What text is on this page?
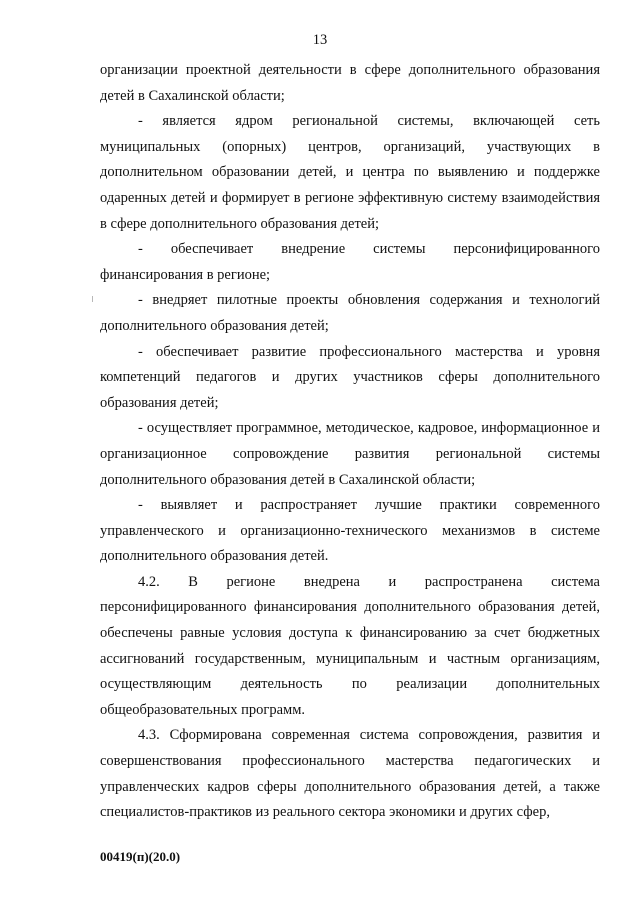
13

организации проектной деятельности в сфере дополнительного образования детей в Сахалинской области;

- является ядром региональной системы, включающей сеть муниципальных (опорных) центров, организаций, участвующих в дополнительном образовании детей, и центра по выявлению и поддержке одаренных детей и формирует в регионе эффективную систему взаимодействия в сфере дополнительного образования детей;

- обеспечивает внедрение системы персонифицированного финансирования в регионе;

- внедряет пилотные проекты обновления содержания и технологий дополнительного образования детей;

- обеспечивает развитие профессионального мастерства и уровня компетенций педагогов и других участников сферы дополнительного образования детей;

- осуществляет программное, методическое, кадровое, информационное и организационное сопровождение развития региональной системы дополнительного образования детей в Сахалинской области;

- выявляет и распространяет лучшие практики современного управленческого и организационно-технического механизмов в системе дополнительного образования детей.

4.2. В регионе внедрена и распространена система персонифицированного финансирования дополнительного образования детей, обеспечены равные условия доступа к финансированию за счет бюджетных ассигнований государственным, муниципальным и частным организациям, осуществляющим деятельность по реализации дополнительных общеобразовательных программ.

4.3. Сформирована современная система сопровождения, развития и совершенствования профессионального мастерства педагогических и управленческих кадров сферы дополнительного образования детей, а также специалистов-практиков из реального сектора экономики и других сфер,

00419(п)(20.0)
